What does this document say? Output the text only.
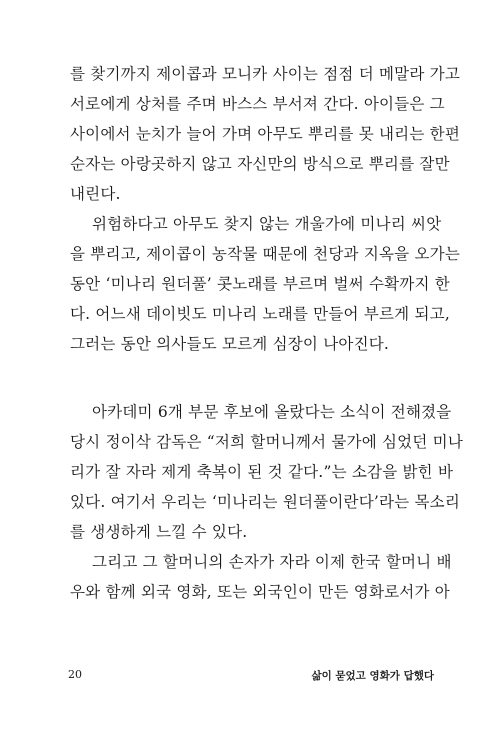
를 찾기까지 제이콥과 모니카 사이는 점점 더 메말라 가고
서로에게 상처를 주며 바스스 부서져 간다. 아이들은 그
사이에서 눈치가 늘어 가며 아무도 뿌리를 못 내리는 한편
순자는 아랑곳하지 않고 자신만의 방식으로 뿌리를 잘만
내린다.
위험하다고 아무도 찾지 않는 개울가에 미나리 씨앗
을 뿌리고, 제이콥이 농작물 때문에 천당과 지옥을 오가는
동안 ‘미나리 원더풀’ 콧노래를 부르며 벌써 수확까지 한
다. 어느새 데이빗도 미나리 노래를 만들어 부르게 되고,
그러는 동안 의사들도 모르게 심장이 나아진다.
아카데미 6개 부문 후보에 올랐다는 소식이 전해졌을
당시 정이삭 감독은 “저희 할머니께서 물가에 심었던 미나
리가 잘 자라 제게 축복이 된 것 같다.”는 소감을 밝힌 바
있다. 여기서 우리는 ‘미나리는 원더풀이란다’라는 목소리
를 생생하게 느낄 수 있다.
그리고 그 할머니의 손자가 자라 이제 한국 할머니 배
우와 함께 외국 영화, 또는 외국인이 만든 영화로서가 아
20	삶이 묻었고 영화가 답했다
